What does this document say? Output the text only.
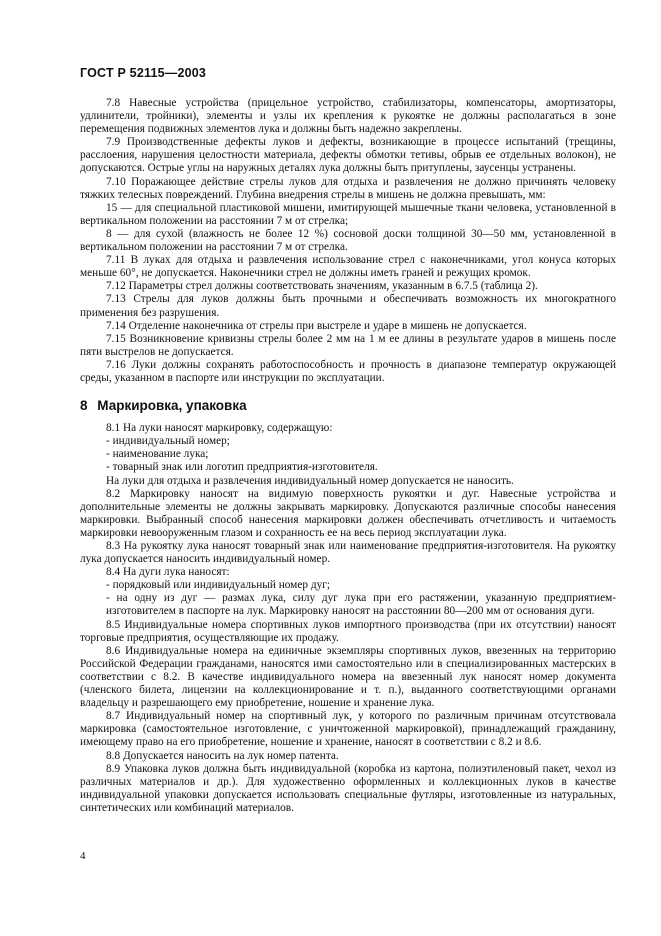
ГОСТ Р 52115—2003

7.8 Навесные устройства (прицельное устройство, стабилизаторы, компенсаторы, амортизаторы, удлинители, тройники), элементы и узлы их крепления к рукоятке не должны располагаться в зоне перемещения подвижных элементов лука и должны быть надежно закреплены.

7.9 Производственные дефекты луков и дефекты, возникающие в процессе испытаний (трещины, расслоения, нарушения целостности материала, дефекты обмотки тетивы, обрыв ее отдельных волокон), не допускаются. Острые углы на наружных деталях лука должны быть притуплены, заусенцы устранены.

7.10 Поражающее действие стрелы луков для отдыха и развлечения не должно причинять человеку тяжких телесных повреждений. Глубина внедрения стрелы в мишень не должна превышать, мм:

15 — для специальной пластиковой мишени, имитирующей мышечные ткани человека, установленной в вертикальном положении на расстоянии 7 м от стрелка;

8 — для сухой (влажность не более 12 %) сосновой доски толщиной 30—50 мм, установленной в вертикальном положении на расстоянии 7 м от стрелка.

7.11 В луках для отдыха и развлечения использование стрел с наконечниками, угол конуса которых меньше 60°, не допускается. Наконечники стрел не должны иметь граней и режущих кромок.

7.12 Параметры стрел должны соответствовать значениям, указанным в 6.7.5 (таблица 2).

7.13 Стрелы для луков должны быть прочными и обеспечивать возможность их многократного применения без разрушения.

7.14 Отделение наконечника от стрелы при выстреле и ударе в мишень не допускается.

7.15 Возникновение кривизны стрелы более 2 мм на 1 м ее длины в результате ударов в мишень после пяти выстрелов не допускается.

7.16 Луки должны сохранять работоспособность и прочность в диапазоне температур окружающей среды, указанном в паспорте или инструкции по эксплуатации.

8 Маркировка, упаковка

8.1 На луки наносят маркировку, содержащую:

- индивидуальный номер;

- наименование лука;

- товарный знак или логотип предприятия-изготовителя.

На луки для отдыха и развлечения индивидуальный номер допускается не наносить.

8.2 Маркировку наносят на видимую поверхность рукоятки и дуг. Навесные устройства и дополнительные элементы не должны закрывать маркировку. Допускаются различные способы нанесения маркировки. Выбранный способ нанесения маркировки должен обеспечивать отчетливость и читаемость маркировки невооруженным глазом и сохранность ее на весь период эксплуатации лука.

8.3 На рукоятку лука наносят товарный знак или наименование предприятия-изготовителя. На рукоятку лука допускается наносить индивидуальный номер.

8.4 На дуги лука наносят:

- порядковый или индивидуальный номер дуг;

- на одну из дуг — размах лука, силу дуг лука при его растяжении, указанную предприятием-изготовителем в паспорте на лук. Маркировку наносят на расстоянии 80—200 мм от основания дуги.

8.5 Индивидуальные номера спортивных луков импортного производства (при их отсутствии) наносят торговые предприятия, осуществляющие их продажу.

8.6 Индивидуальные номера на единичные экземпляры спортивных луков, ввезенных на территорию Российской Федерации гражданами, наносятся ими самостоятельно или в специализированных мастерских в соответствии с 8.2. В качестве индивидуального номера на ввезенный лук наносят номер документа (членского билета, лицензии на коллекционирование и т. п.), выданного соответствующими органами владельцу и разрешающего ему приобретение, ношение и хранение лука.

8.7 Индивидуальный номер на спортивный лук, у которого по различным причинам отсутствовала маркировка (самостоятельное изготовление, с уничтоженной маркировкой), принадлежащий гражданину, имеющему право на его приобретение, ношение и хранение, наносят в соответствии с 8.2 и 8.6.

8.8 Допускается наносить на лук номер патента.

8.9 Упаковка луков должна быть индивидуальной (коробка из картона, полиэтиленовый пакет, чехол из различных материалов и др.). Для художественно оформленных и коллекционных луков в качестве индивидуальной упаковки допускается использовать специальные футляры, изготовленные из натуральных, синтетических или комбинаций материалов.

4
